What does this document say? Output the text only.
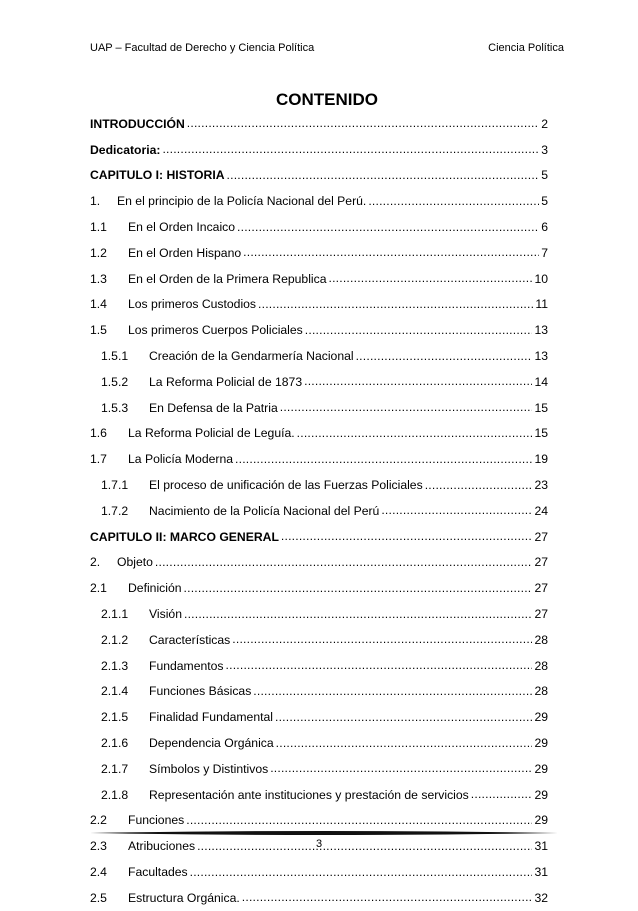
UAP – Facultad de Derecho y Ciencia Política	Ciencia Política
CONTENIDO
INTRODUCCIÓN .....	2
Dedicatoria: .....	3
CAPITULO I: HISTORIA .....	5
1.	En el principio de la Policía Nacional del Perú. .....	5
1.1	En el Orden Incaico .....	6
1.2	En el Orden Hispano .....	7
1.3	En el Orden de la Primera Republica .....	10
1.4	Los primeros Custodios .....	11
1.5	Los primeros Cuerpos Policiales .....	13
1.5.1	Creación de la Gendarmería Nacional .....	13
1.5.2	La Reforma Policial de 1873 .....	14
1.5.3	En Defensa de la Patria .....	15
1.6	La Reforma Policial de Leguía. .....	15
1.7	La Policía Moderna .....	19
1.7.1	El proceso de unificación de las Fuerzas Policiales .....	23
1.7.2	Nacimiento de la Policía Nacional del Perú .....	24
CAPITULO II: MARCO GENERAL .....	27
2.	Objeto .....	27
2.1	Definición .....	27
2.1.1	Visión .....	27
2.1.2	Características .....	28
2.1.3	Fundamentos .....	28
2.1.4	Funciones Básicas .....	28
2.1.5	Finalidad Fundamental .....	29
2.1.6	Dependencia Orgánica .....	29
2.1.7	Símbolos y Distintivos .....	29
2.1.8	Representación ante instituciones y prestación de servicios .....	29
2.2	Funciones .....	29
2.3	Atribuciones .....	31
2.4	Facultades .....	31
2.5	Estructura Orgánica. .....	32
3
